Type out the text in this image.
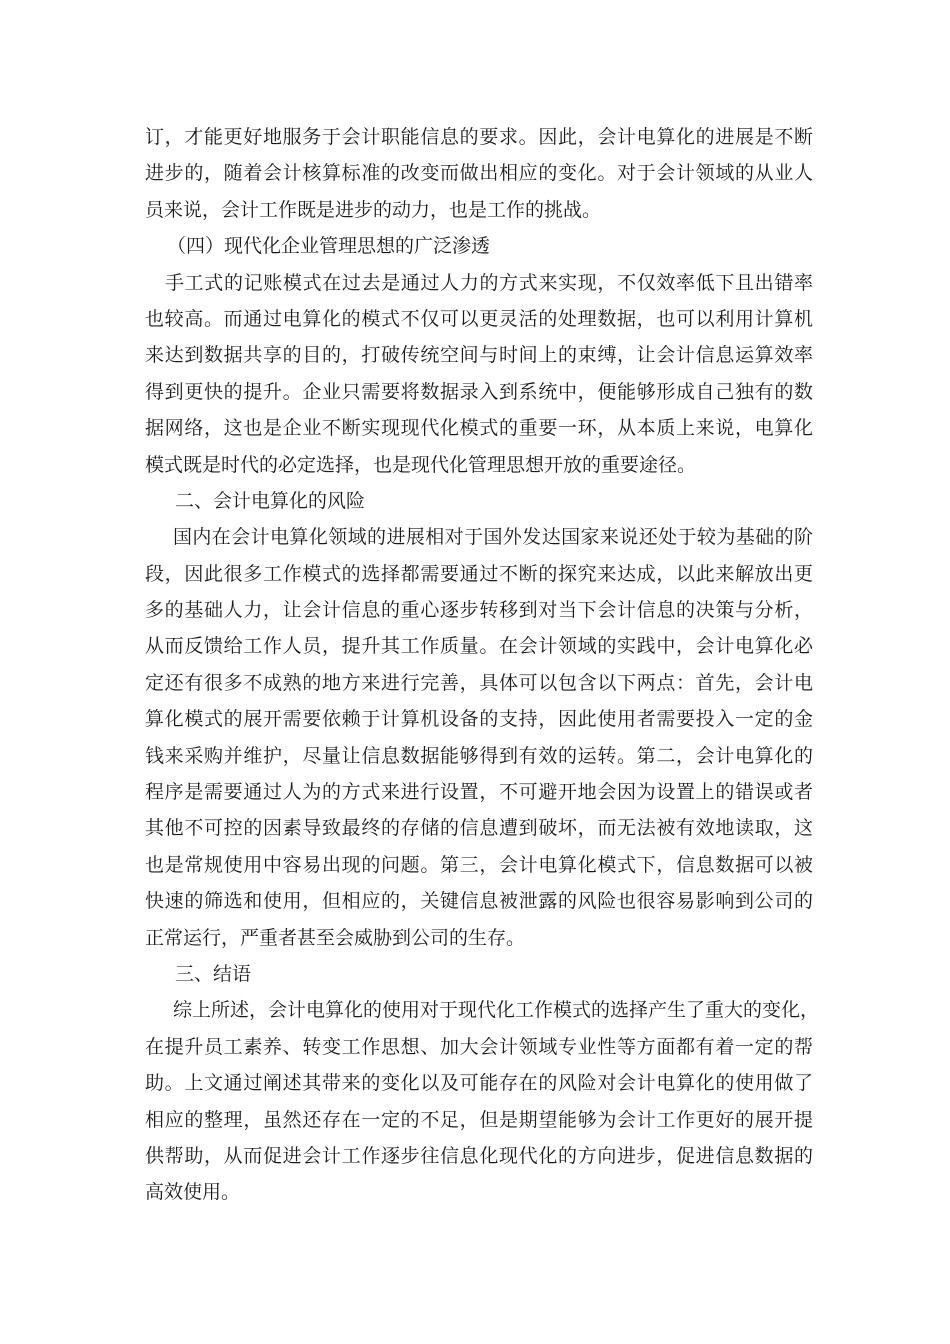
订，才能更好地服务于会计职能信息的要求。因此，会计电算化的进展是不断
进步的，随着会计核算标准的改变而做出相应的变化。对于会计领域的从业人
员来说，会计工作既是进步的动力，也是工作的挑战。
（四）现代化企业管理思想的广泛渗透
手工式的记账模式在过去是通过人力的方式来实现，不仅效率低下且出错率
也较高。而通过电算化的模式不仅可以更灵活的处理数据，也可以利用计算机
来达到数据共享的目的，打破传统空间与时间上的束缚，让会计信息运算效率
得到更快的提升。企业只需要将数据录入到系统中，便能够形成自己独有的数
据网络，这也是企业不断实现现代化模式的重要一环，从本质上来说，电算化
模式既是时代的必定选择，也是现代化管理思想开放的重要途径。
二、会计电算化的风险
国内在会计电算化领域的进展相对于国外发达国家来说还处于较为基础的阶
段，因此很多工作模式的选择都需要通过不断的探究来达成，以此来解放出更
多的基础人力，让会计信息的重心逐步转移到对当下会计信息的决策与分析，
从而反馈给工作人员，提升其工作质量。在会计领域的实践中，会计电算化必
定还有很多不成熟的地方来进行完善，具体可以包含以下两点：首先，会计电
算化模式的展开需要依赖于计算机设备的支持，因此使用者需要投入一定的金
钱来采购并维护，尽量让信息数据能够得到有效的运转。第二，会计电算化的
程序是需要通过人为的方式来进行设置，不可避开地会因为设置上的错误或者
其他不可控的因素导致最终的存储的信息遭到破坏，而无法被有效地读取，这
也是常规使用中容易出现的问题。第三，会计电算化模式下，信息数据可以被
快速的筛选和使用，但相应的，关键信息被泄露的风险也很容易影响到公司的
正常运行，严重者甚至会威胁到公司的生存。
三、结语
综上所述，会计电算化的使用对于现代化工作模式的选择产生了重大的变化，
在提升员工素养、转变工作思想、加大会计领域专业性等方面都有着一定的帮
助。上文通过阐述其带来的变化以及可能存在的风险对会计电算化的使用做了
相应的整理，虽然还存在一定的不足，但是期望能够为会计工作更好的展开提
供帮助，从而促进会计工作逐步往信息化现代化的方向进步，促进信息数据的
高效使用。
